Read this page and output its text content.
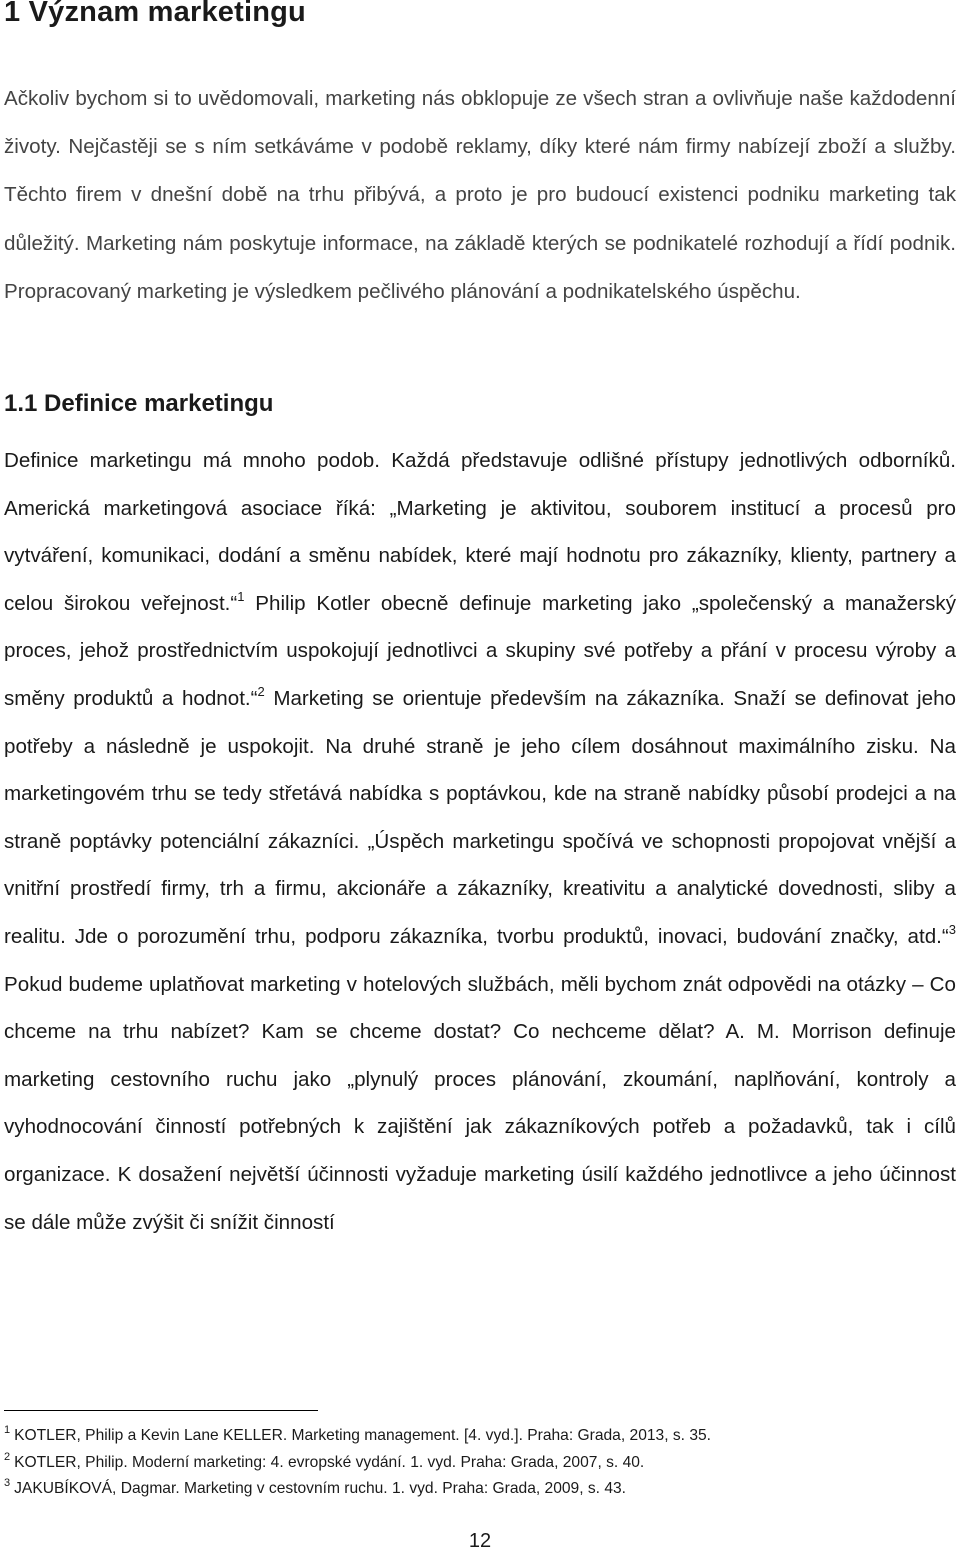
1 Význam marketingu

Ačkoliv bychom si to uvědomovali, marketing nás obklopuje ze všech stran a ovlivňuje naše každodenní životy. Nejčastěji se s ním setkáváme v podobě reklamy, díky které nám firmy nabízejí zboží a služby. Těchto firem v dnešní době na trhu přibývá, a proto je pro budoucí existenci podniku marketing tak důležitý. Marketing nám poskytuje informace, na základě kterých se podnikatelé rozhodují a řídí podnik. Propracovaný marketing je výsledkem pečlivého plánování a podnikatelského úspěchu.

1.1 Definice marketingu

Definice marketingu má mnoho podob. Každá představuje odlišné přístupy jednotlivých odborníků. Americká marketingová asociace říká: „Marketing je aktivitou, souborem institucí a procesů pro vytváření, komunikaci, dodání a směnu nabídek, které mají hodnotu pro zákazníky, klienty, partnery a celou širokou veřejnost.“$^1$ Philip Kotler obecně definuje marketing jako „společenský a manažerský proces, jehož prostřednictvím uspokojují jednotlivci a skupiny své potřeby a přání v procesu výroby a směny produktů a hodnot.“$^2$ Marketing se orientuje především na zákazníka. Snaží se definovat jeho potřeby a následně je uspokojit. Na druhé straně je jeho cílem dosáhnout maximálního zisku. Na marketingovém trhu se tedy střetává nabídka s poptávkou, kde na straně nabídky působí prodejci a na straně poptávky potenciální zákazníci. „Úspěch marketingu spočívá ve schopnosti propojovat vnější a vnitřní prostředí firmy, trh a firmu, akcionáře a zákazníky, kreativitu a analytické dovednosti, sliby a realitu. Jde o porozumění trhu, podporu zákazníka, tvorbu produktů, inovaci, budování značky, atd.“$^3$ Pokud budeme uplatňovat marketing v hotelových službách, měli bychom znát odpovědi na otázky – Co chceme na trhu nabízet? Kam se chceme dostat? Co nechceme dělat? A. M. Morrison definuje marketing cestovního ruchu jako „plynulý proces plánování, zkoumání, naplňování, kontroly a vyhodnocování činností potřebných k zajištění jak zákazníkových potřeb a požadavků, tak i cílů organizace. K dosažení největší účinnosti vyžaduje marketing úsilí každého jednotlivce a jeho účinnost se dále může zvýšit či snížit činností

$^1$ KOTLER, Philip a Kevin Lane KELLER. Marketing management. [4. vyd.]. Praha: Grada, 2013, s. 35.

$^2$ KOTLER, Philip. Moderní marketing: 4. evropské vydání. 1. vyd. Praha: Grada, 2007, s. 40.

$^3$ JAKUBÍKOVÁ, Dagmar. Marketing v cestovním ruchu. 1. vyd. Praha: Grada, 2009, s. 43.

12
